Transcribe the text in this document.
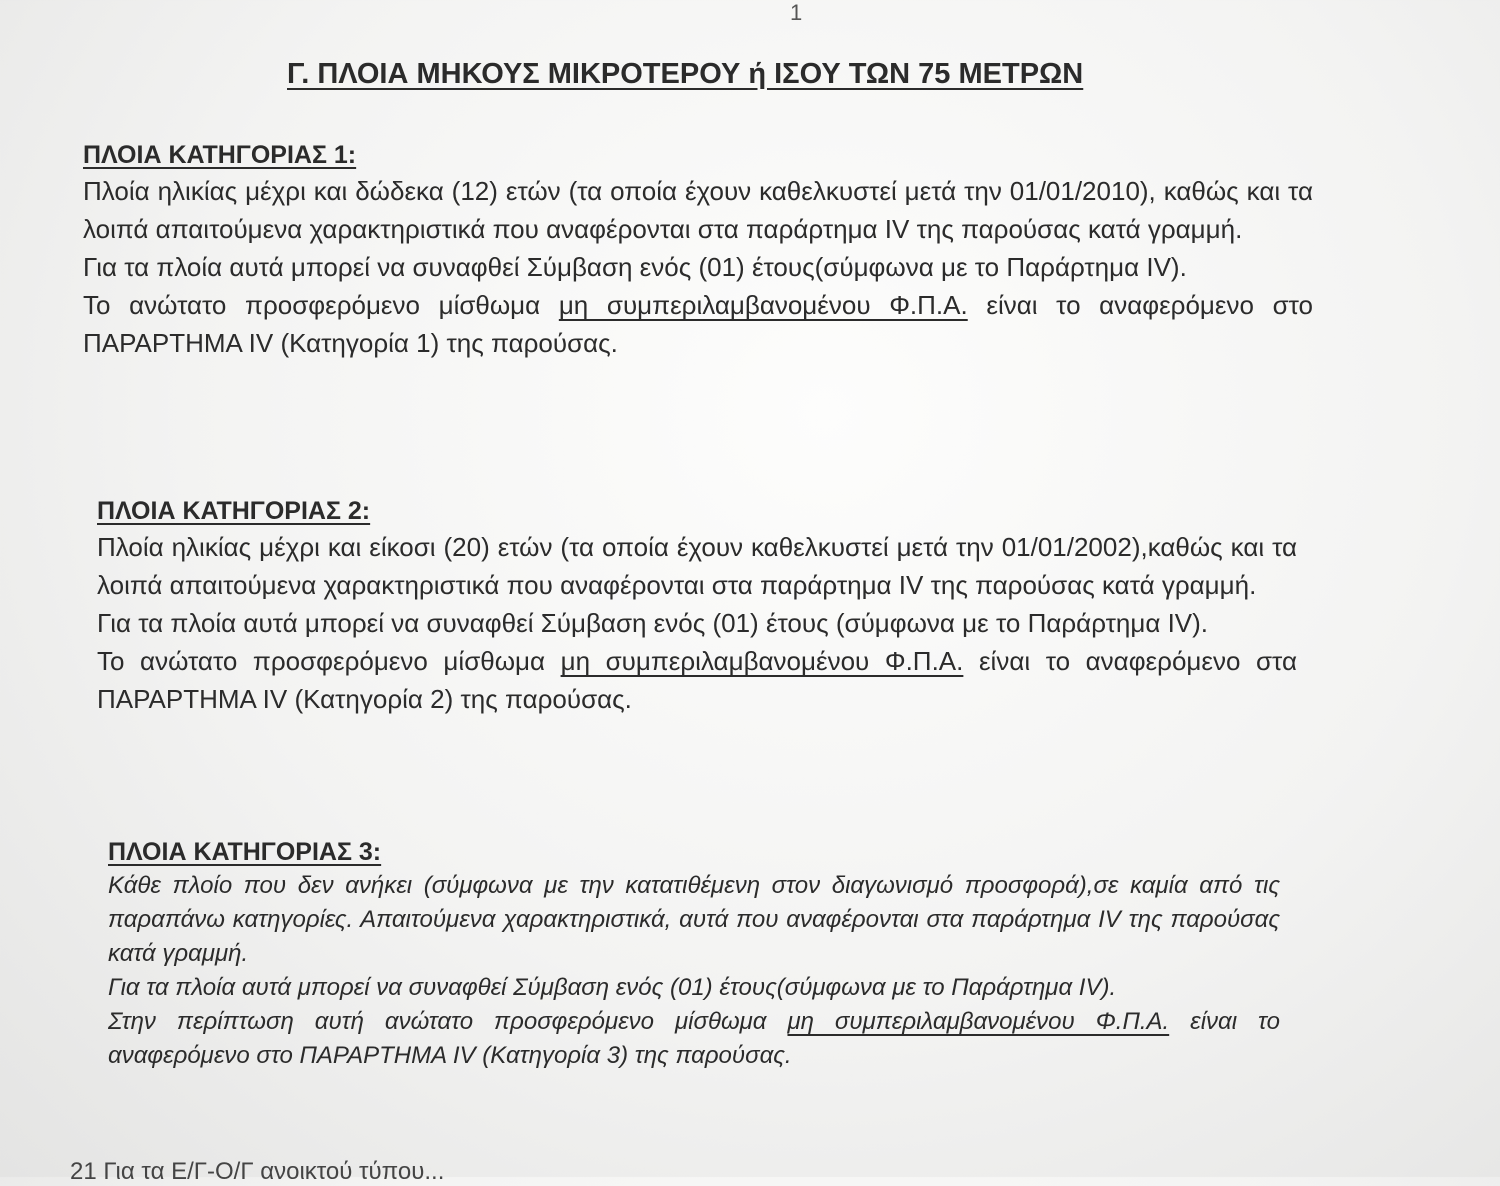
1
Γ. ΠΛΟΙΑ ΜΗΚΟΥΣ ΜΙΚΡΟΤΕΡΟΥ ή ΙΣΟΥ ΤΩΝ 75 ΜΕΤΡΩΝ
ΠΛΟΙΑ ΚΑΤΗΓΟΡΙΑΣ 1:

Πλοία ηλικίας μέχρι και δώδεκα (12) ετών (τα οποία έχουν καθελκυστεί μετά την 01/01/2010), καθώς και τα λοιπά απαιτούμενα χαρακτηριστικά που αναφέρονται στα παράρτημα IV της παρούσας κατά γραμμή.

Για τα πλοία αυτά μπορεί να συναφθεί Σύμβαση ενός (01) έτους(σύμφωνα με το Παράρτημα IV).

Το ανώτατο προσφερόμενο μίσθωμα μη συμπεριλαμβανομένου Φ.Π.Α. είναι το αναφερόμενο στο ΠΑΡΑΡΤΗΜΑ IV (Κατηγορία 1) της παρούσας.

ΠΛΟΙΑ ΚΑΤΗΓΟΡΙΑΣ 2:

Πλοία ηλικίας μέχρι και είκοσι (20) ετών (τα οποία έχουν καθελκυστεί μετά την 01/01/2002),καθώς και τα λοιπά απαιτούμενα χαρακτηριστικά που αναφέρονται στα παράρτημα IV της παρούσας κατά γραμμή.

Για τα πλοία αυτά μπορεί να συναφθεί Σύμβαση ενός (01) έτους (σύμφωνα με το Παράρτημα IV).

Το ανώτατο προσφερόμενο μίσθωμα μη συμπεριλαμβανομένου Φ.Π.Α. είναι το αναφερόμενο στα ΠΑΡΑΡΤΗΜΑ IV (Κατηγορία 2) της παρούσας.

ΠΛΟΙΑ ΚΑΤΗΓΟΡΙΑΣ 3:

Κάθε πλοίο που δεν ανήκει (σύμφωνα με την κατατιθέμενη στον διαγωνισμό προσφορά),σε καμία από τις παραπάνω κατηγορίες. Απαιτούμενα χαρακτηριστικά, αυτά που αναφέρονται στα παράρτημα IV της παρούσας κατά γραμμή.

Για τα πλοία αυτά μπορεί να συναφθεί Σύμβαση ενός (01) έτους(σύμφωνα με το Παράρτημα IV).

Στην περίπτωση αυτή ανώτατο προσφερόμενο μίσθωμα μη συμπεριλαμβανομένου Φ.Π.Α. είναι το αναφερόμενο στο ΠΑΡΑΡΤΗΜΑ IV (Κατηγορία 3) της παρούσας.

21 Για τα Ε/Γ-Ο/Γ ανοικτού τύπου...
